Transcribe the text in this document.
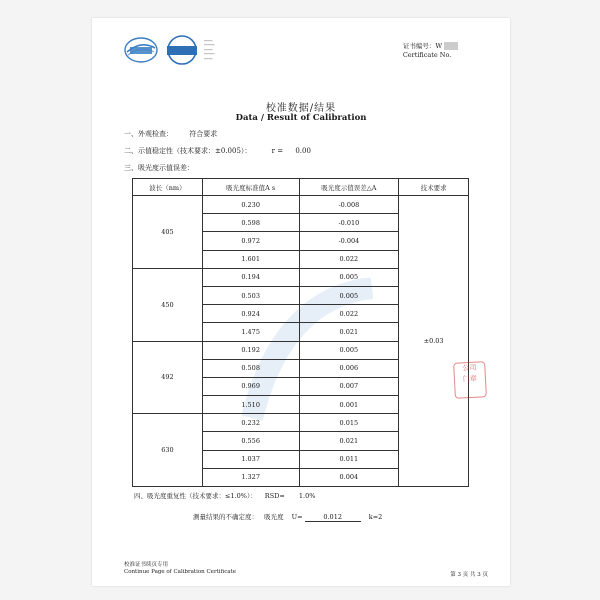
━━━━
━━━━━
━━━━
━━━━━
━━━━
证书编号：W
Certificate No.
校准数据/结果
Data / Result of Calibration
一、外观检查： 符合要求
二、示值稳定性（技术要求：±0.005）：	r = 0.00
三、吸光度示值误差：
波长（nm）	吸光度标准值A s	吸光度示值误差△A	技术要求
405	0.230	-0.008	±0.03
	0.598	-0.010	
	0.972	-0.004	
	1.601	0.022	
450	0.194	0.005	
	0.503	0.005	
	0.924	0.022	
	1.475	0.021	
492	0.192	0.005	
	0.508	0.006	
	0.969	0.007	
	1.510	0.001	
630	0.232	0.015	
	0.556	0.021	
	1.037	0.011	
	1.327	0.004	
公司
门章
四、吸光度重复性（技术要求：≤1.0%）： RSD= 1.0%
测量结果的不确定度： 吸光度 U=	0.012	k=2
校准证书续页专用
Continue Page of Calibration Certificate	第 3 页 共 3 页
